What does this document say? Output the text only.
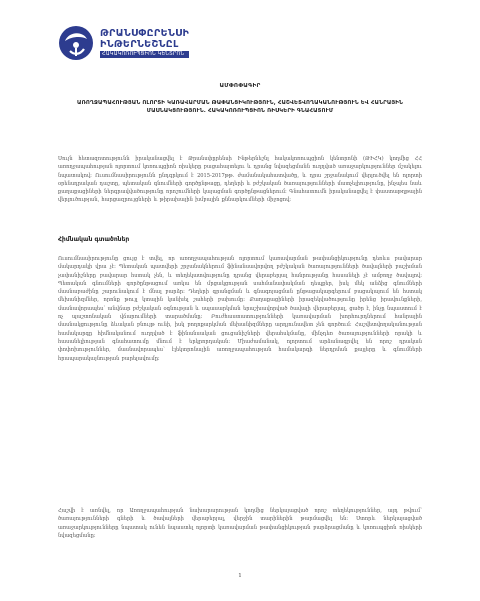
ԹՐԱՆՍՓԸՐԵՆՍԻ
ԻՆԹԵՐՆԵՇՆԸԼ
ՀԱԿԱԿՈՌՈՒՊՑԻՈՆ ԿԵՆՏՐՈՆ
ԱՄՓՈՓԱԳԻՐ
ԱՌՈՂՋԱՊԱՀՈՒԹՅԱՆ ՈԼՈՐՏԻ ԿԱՌԱՎԱՐՄԱՆ ԹԱՓԱՆՑԻԿՈՒԹՅՈՒՆ, ՀԱՇՎԵՏՎՈՂԱԿԱՆՈՒԹՅՈՒՆ ԵՎ ՀԱՆՐԱՅԻՆ ՄԱՍՆԱԿՑՈՒԹՅՈՒՆ. ՀԱԿԱԿՈՌՈՒՊՑԻՈՆ ՌԻՍԿԵՐԻ ԳՆԱՀԱՏՈՒՄ
Սույն հետազոտությունն իրականացվել է Թրանսփըրենսի Ինթերնեշնլ հակակոռուպցիոն կենտրոնի (ԹԻՀԿ) կողմից ՀՀ առողջապահության ոլորտում կոռուպցիոն ռիսկերը բացահայտելու և դրանց նվազեցմանն ուղղված առաջարկություններ մշակելու նպատակով։ Ուսումնասիրությունն ընդգրկում է 2015-2017թթ. ժամանակահատվածը, և դրա շրջանակում վերլուծվել են ոլորտի օրենսդրական դաշտը, պետական գնումների գործընթացը, դեղերի և բժշկական ծառայությունների մատչելիությունը, ինչպես նաև քաղաքացիների ներգրավվածությունը որոշումների կայացման գործընթացներում։ Գնահատումն իրականացվել է փաստաթղթային վերլուծության, հարցազրույցների և թիրախային խմբային քննարկումների միջոցով։
Հիմնական գտածոներ
Ուսումնասիրությունը ցույց է տվել, որ առողջապահության ոլորտում կառավարման թափանցիկությունը դեռևս բավարար մակարդակի վրա չէ։ Պետական պատվերի շրջանակներում ֆինանսավորվող բժշկական ծառայությունների ծավալների բաշխման չափանիշները բավարար հստակ չեն, և տեղեկատվությունը դրանց վերաբերյալ հանրությանը հասանելի չէ ամբողջ ծավալով։ Պետական գնումների գործընթացում առկա են մրցակցության սահմանափակման դեպքեր, իսկ մեկ անձից գնումների մասնաբաժինը շարունակում է մնալ բարձր։ Դեղերի գրանցման և գնագոյացման ընթացակարգերում բացակայում են հստակ մեխանիզմներ, որոնք թույլ կտային կանխել շահերի բախումը։ Քաղաքացիների իրազեկվածությունը իրենց իրավունքների, մասնավորապես՝ անվճար բժշկական օգնության և սպասարկման երաշխավորված ծավալի վերաբերյալ, ցածր է, ինչը նպաստում է ոչ պաշտոնական վճարումների տարածմանը։ Բուժհաստատությունների կառավարման խորհուրդներում հանրային մասնակցությունը ձևական բնույթ ունի, իսկ բողոքարկման մեխանիզմները արդյունավետ չեն գործում։ Հաշվետվողականության համակարգը հիմնականում ուղղված է ֆինանսական ցուցանիշների վերահսկմանը, մինչդեռ ծառայությունների որակի և հասանելիության գնահատումը մնում է երկրորդական։ Միաժամանակ, ոլորտում արձանագրվել են որոշ դրական փոփոխություններ, մասնավորապես՝ էլեկտրոնային առողջապահության համակարգի ներդրման քայլերը և գնումների հրապարակայնության բարելավումը։
Հաշվի է առնվել, որ Առողջապահության նախարարության կողմից ներկայացված որոշ տեղեկություններ, այդ թվում՝ ծառայությունների գների և ծավալների վերաբերյալ, վերջին տարիներին թարմացվել են։ Ստորև ներկայացված առաջարկությունները նպատակ ունեն նպաստել ոլորտի կառավարման թափանցիկության բարձրացմանը և կոռուպցիոն ռիսկերի նվազեցմանը։
1
